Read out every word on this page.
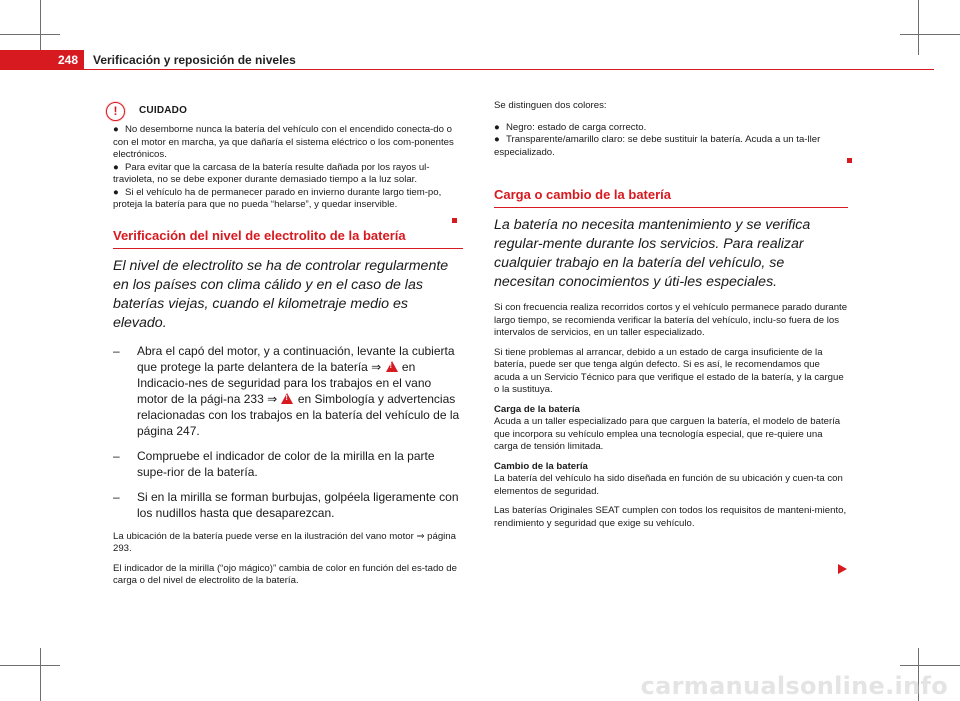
248	Verificación y reposición de niveles
!	CUIDADO

● No desemborne nunca la batería del vehículo con el encendido conecta-do o con el motor en marcha, ya que dañaría el sistema eléctrico o los com-ponentes electrónicos.

● Para evitar que la carcasa de la batería resulte dañada por los rayos ul-travioleta, no se debe exponer durante demasiado tiempo a la luz solar.

● Si el vehículo ha de permanecer parado en invierno durante largo tiem-po, proteja la batería para que no pueda “helarse”, y quedar inservible.

Verificación del nivel de electrolito de la batería

El nivel de electrolito se ha de controlar regularmente en los países con clima cálido y en el caso de las baterías viejas, cuando el kilometraje medio es elevado.

– Abra el capó del motor, y a continuación, levante la cubierta que protege la parte delantera de la batería ⇒ ! en Indicacio-nes de seguridad para los trabajos en el vano motor de la pági-na 233 ⇒ ! en Simbología y advertencias relacionadas con los trabajos en la batería del vehículo de la página 247.

– Compruebe el indicador de color de la mirilla en la parte supe-rior de la batería.

– Si en la mirilla se forman burbujas, golpéela ligeramente con los nudillos hasta que desaparezcan.

La ubicación de la batería puede verse en la ilustración del vano motor ⇒ página 293.

El indicador de la mirilla (“ojo mágico)” cambia de color en función del es-tado de carga o del nivel de electrolito de la batería.

Se distinguen dos colores:

● Negro: estado de carga correcto.

● Transparente/amarillo claro: se debe sustituir la batería. Acuda a un ta-ller especializado.

Carga o cambio de la batería

La batería no necesita mantenimiento y se verifica regular-mente durante los servicios. Para realizar cualquier trabajo en la batería del vehículo, se necesitan conocimientos y úti-les especiales.

Si con frecuencia realiza recorridos cortos y el vehículo permanece parado durante largo tiempo, se recomienda verificar la batería del vehículo, inclu-so fuera de los intervalos de servicios, en un taller especializado.

Si tiene problemas al arrancar, debido a un estado de carga insuficiente de la batería, puede ser que tenga algún defecto. Si es así, le recomendamos que acuda a un Servicio Técnico para que verifique el estado de la batería, y la cargue o la sustituya.

Carga de la batería

Acuda a un taller especializado para que carguen la batería, el modelo de batería que incorpora su vehículo emplea una tecnología especial, que re-quiere una carga de tensión limitada.

Cambio de la batería

La batería del vehículo ha sido diseñada en función de su ubicación y cuen-ta con elementos de seguridad.

Las baterías Originales SEAT cumplen con todos los requisitos de manteni-miento, rendimiento y seguridad que exige su vehículo.

carmanualsonline.info
